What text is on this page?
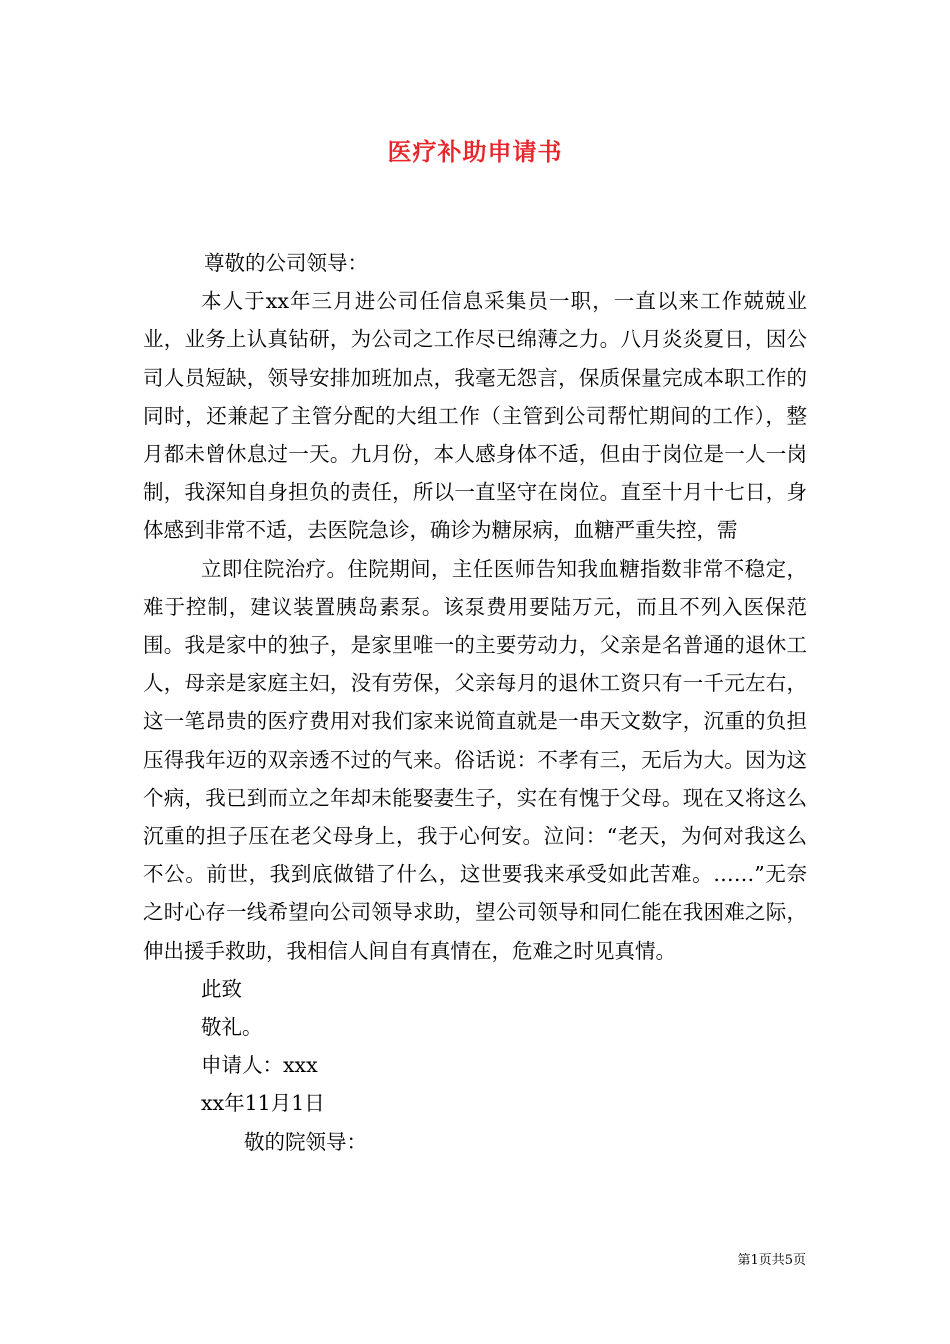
医疗补助申请书

尊敬的公司领导：

本人于xx年三月进公司任信息采集员一职，一直以来工作兢兢业业，业务上认真钻研，为公司之工作尽已绵薄之力。八月炎炎夏日，因公司人员短缺，领导安排加班加点，我毫无怨言，保质保量完成本职工作的同时，还兼起了主管分配的大组工作（主管到公司帮忙期间的工作），整月都未曾休息过一天。九月份，本人感身体不适，但由于岗位是一人一岗制，我深知自身担负的责任，所以一直坚守在岗位。直至十月十七日，身体感到非常不适，去医院急诊，确诊为糖尿病，血糖严重失控，需

立即住院治疗。住院期间，主任医师告知我血糖指数非常不稳定，难于控制，建议装置胰岛素泵。该泵费用要陆万元，而且不列入医保范围。我是家中的独子，是家里唯一的主要劳动力，父亲是名普通的退休工人，母亲是家庭主妇，没有劳保，父亲每月的退休工资只有一千元左右，这一笔昂贵的医疗费用对我们家来说简直就是一串天文数字，沉重的负担压得我年迈的双亲透不过的气来。俗话说：不孝有三，无后为大。因为这个病，我已到而立之年却未能娶妻生子，实在有愧于父母。现在又将这么沉重的担子压在老父母身上，我于心何安。泣问：“老天，为何对我这么不公。前世，我到底做错了什么，这世要我来承受如此苦难。……”无奈之时心存一线希望向公司领导求助，望公司领导和同仁能在我困难之际，伸出援手救助，我相信人间自有真情在，危难之时见真情。

此致

敬礼。

申请人：xxx

xx年11月1日

敬的院领导：

第1页共5页
